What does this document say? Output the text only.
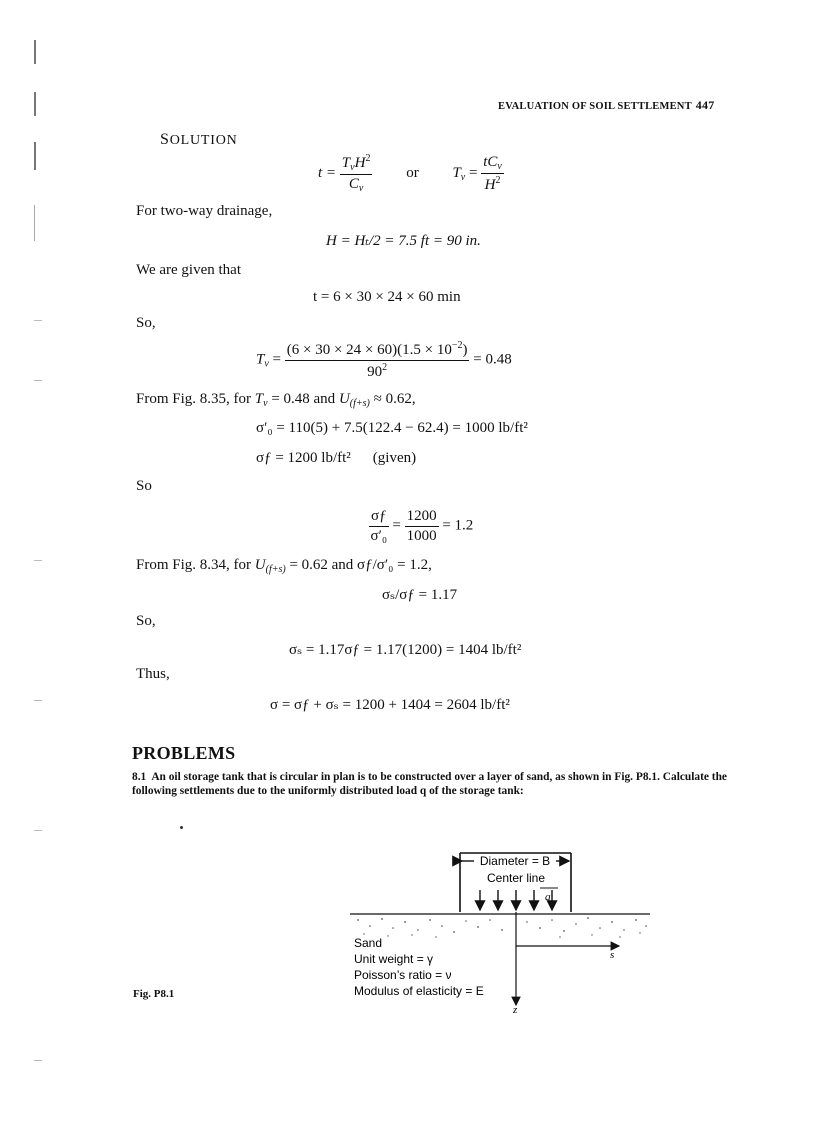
EVALUATION OF SOIL SETTLEMENT 447
SOLUTION
$t = \frac{T_vH^2}{C_v}$ or $T_v = \frac{tC_v}{H^2}$
For two-way drainage,
H = Hₜ/2 = 7.5 ft = 90 in.
We are given that
t = 6 × 30 × 24 × 60 min
So,
$T_v = \frac{(6 \times 30 \times 24 \times 60)(1.5 \times 10^{-2})}{90^2} = 0.48$
From Fig. 8.35, for $T_v = 0.48$ and $U_{(f+s)} \approx 0.62$,
σ′₀ = 110(5) + 7.5(122.4 − 62.4) = 1000 lb/ft²
σƒ = 1200 lb/ft² (given)
So
$\frac{\sigma ƒ}{\text{σ′₀}} = \frac{1200}{1000} = 1.2$
From Fig. 8.34, for $U_{(f+s)} = 0.62$ and σƒ/σ′₀ = 1.2,
σₛ/σƒ = 1.17
So,
σₛ = 1.17σƒ = 1.17(1200) = 1404 lb/ft²
Thus,
σ = σƒ + σₛ = 1200 + 1404 = 2604 lb/ft²
PROBLEMS
8.1 An oil storage tank that is circular in plan is to be constructed over a layer of sand, as shown in Fig. P8.1. Calculate the following settlements due to the uniformly distributed load q of the storage tank:
Diameter = B
Center line
q
Sand
Unit weight = γ
Poisson’s ratio = ν
Modulus of elasticity = E
s
z
Fig. P8.1
